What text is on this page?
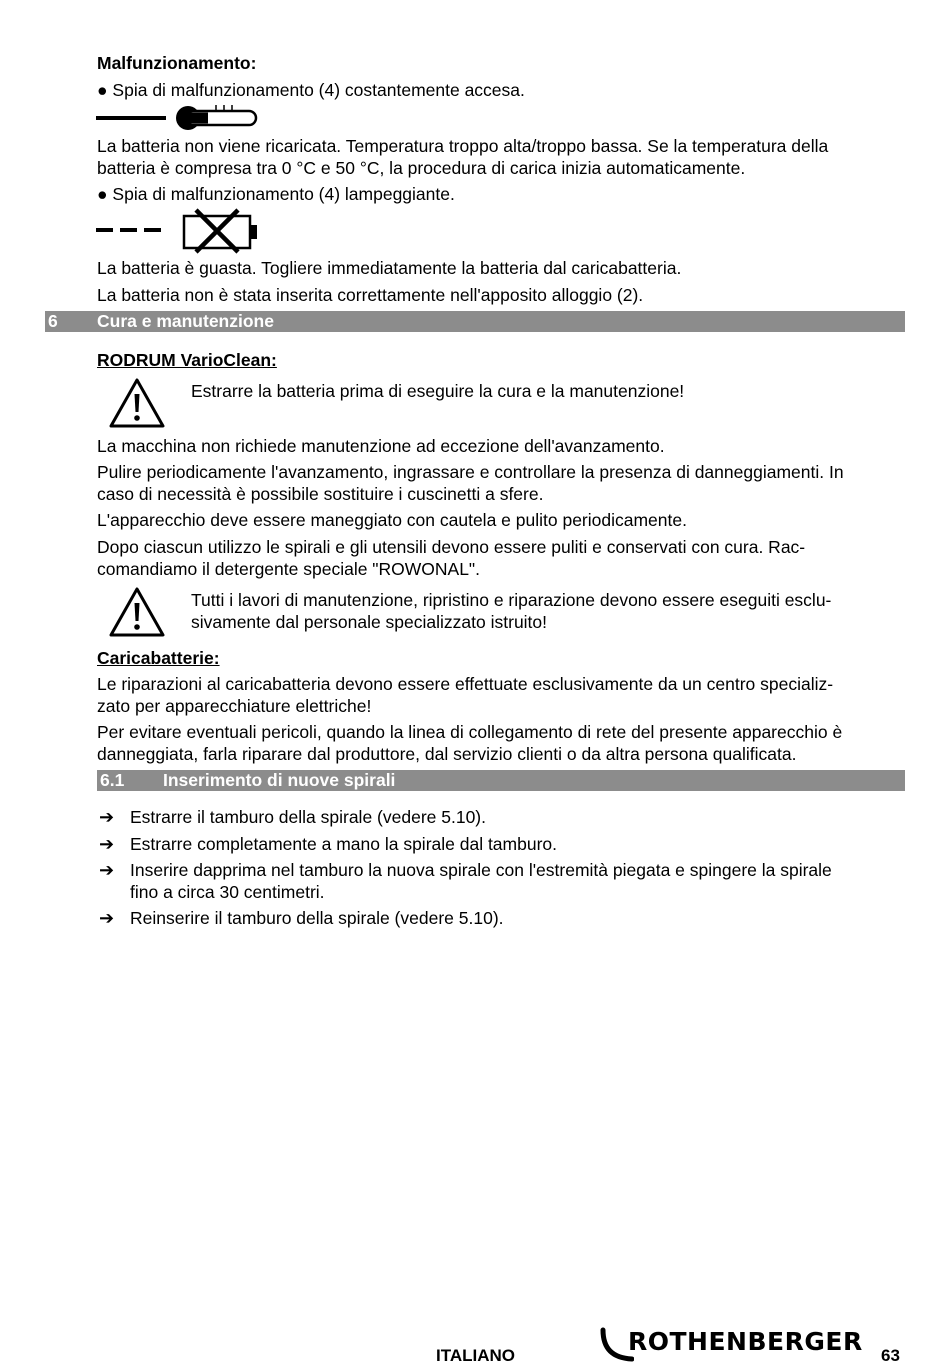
Malfunzionamento:
● Spia di malfunzionamento (4) costantemente accesa.
La batteria non viene ricaricata. Temperatura troppo alta/troppo bassa. Se la temperatura della
batteria è compresa tra 0 °C e 50 °C, la procedura di carica inizia automaticamente.
● Spia di malfunzionamento (4) lampeggiante.
La batteria è guasta. Togliere immediatamente la batteria dal caricabatteria.
La batteria non è stata inserita correttamente nell'apposito alloggio (2).
6 Cura e manutenzione
RODRUM VarioClean:
Estrarre la batteria prima di eseguire la cura e la manutenzione!
La macchina non richiede manutenzione ad eccezione dell'avanzamento.
Pulire periodicamente l'avanzamento, ingrassare e controllare la presenza di danneggiamenti. In
caso di necessità è possibile sostituire i cuscinetti a sfere.
L'apparecchio deve essere maneggiato con cautela e pulito periodicamente.
Dopo ciascun utilizzo le spirali e gli utensili devono essere puliti e conservati con cura. Rac-
comandiamo il detergente speciale "ROWONAL".
Tutti i lavori di manutenzione, ripristino e riparazione devono essere eseguiti esclu-
sivamente dal personale specializzato istruito!
Caricabatterie:
Le riparazioni al caricabatteria devono essere effettuate esclusivamente da un centro specializ-
zato per apparecchiature elettriche!
Per evitare eventuali pericoli, quando la linea di collegamento di rete del presente apparecchio è
danneggiata, farla riparare dal produttore, dal servizio clienti o da altra persona qualificata.
6.1 Inserimento di nuove spirali
➔ Estrarre il tamburo della spirale (vedere 5.10).
➔ Estrarre completamente a mano la spirale dal tamburo.
➔ Inserire dapprima nel tamburo la nuova spirale con l'estremità piegata e spingere la spirale
fino a circa 30 centimetri.
➔ Reinserire il tamburo della spirale (vedere 5.10).
ITALIANO	ROTHENBERGER 63
